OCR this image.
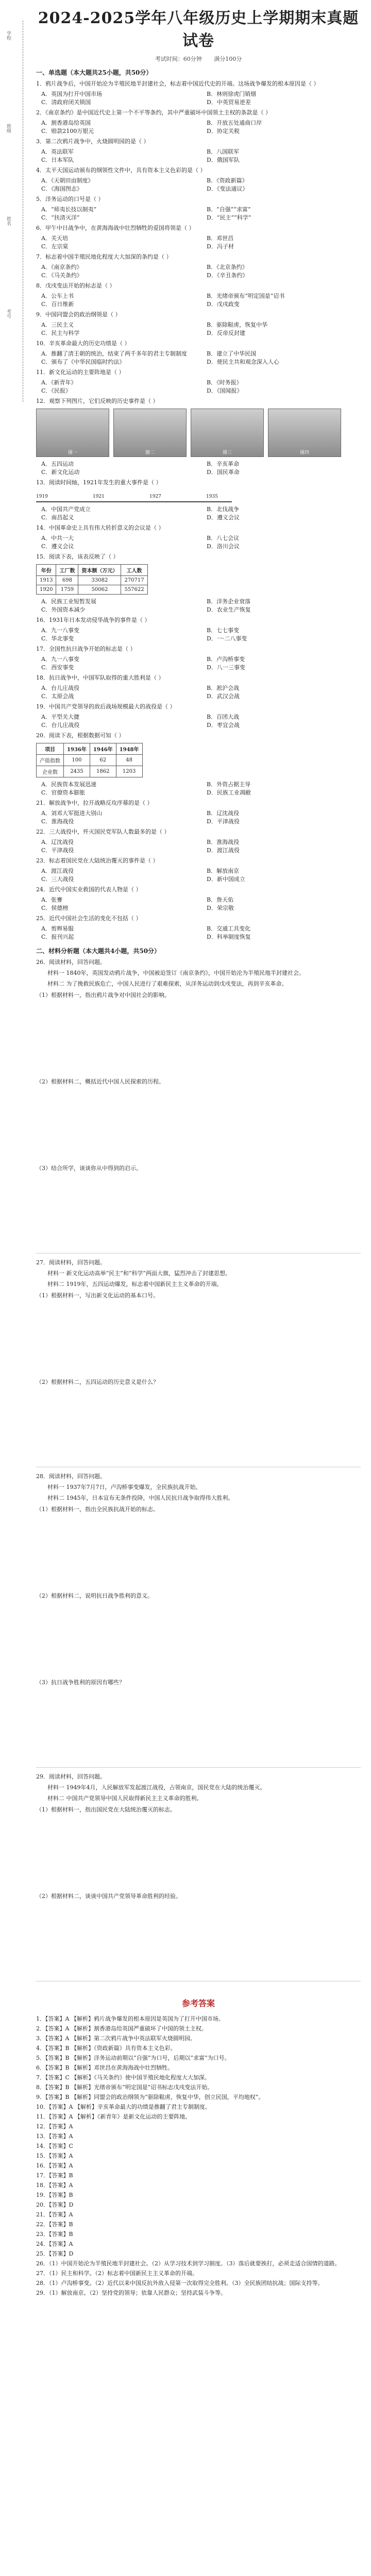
学校
班级
姓名
考号
2024-2025学年八年级历史上学期期末真题试卷
考试时间：60分钟 满分100分
一、单选题（本大题共25小题，共50分）
1．鸦片战争后，中国开始沦为半殖民地半封建社会，标志着中国近代史的开端。这场战争爆发的根本原因是（ ）
A．英国为打开中国市场	B．林则徐虎门销烟
C．清政府闭关锁国	D．中英贸易逆差
2．《南京条约》是中国近代史上第一个不平等条约，其中严重破坏中国领土主权的条款是（ ）
A．割香港岛给英国	B．开放五处通商口岸
C．赔款2100万银元	D．协定关税
3．第二次鸦片战争中，火烧圆明园的是（ ）
A．英法联军	B．八国联军
C．日本军队	D．俄国军队
4．太平天国运动颁布的纲领性文件中，具有资本主义色彩的是（ ）
A．《天朝田亩制度》	B．《资政新篇》
C．《海国图志》	D．《变法通议》
5．洋务运动的口号是（ ）
A．“师夷长技以制夷”	B．“自强”“求富”
C．“扶清灭洋”	D．“民主”“科学”
6．甲午中日战争中，在黄海海战中壮烈牺牲的爱国将领是（ ）
A．关天培	B．邓世昌
C．左宗棠	D．冯子材
7．标志着中国半殖民地化程度大大加深的条约是（ ）
A．《南京条约》	B．《北京条约》
C．《马关条约》	D．《辛丑条约》
8．戊戌变法开始的标志是（ ）
A．公车上书	B．光绪帝颁布“明定国是”诏书
C．百日维新	D．戊戌政变
9．中国同盟会的政治纲领是（ ）
A．三民主义	B．驱除鞑虏，恢复中华
C．民主与科学	D．反帝反封建
10．辛亥革命最大的历史功绩是（ ）
A．推翻了清王朝的统治，结束了两千多年的君主专制制度	B．建立了中华民国
C．颁布了《中华民国临时约法》	D．使民主共和观念深入人心
11．新文化运动的主要阵地是（ ）
A．《新青年》	B．《时务报》
C．《民报》	D．《国闻报》
12．观察下列图片，它们反映的历史事件是（ ）
图一	图二	图三	图四
A．五四运动	B．辛亥革命
C．新文化运动	D．国民革命
13．阅读时间轴，1921年发生的重大事件是（ ）
1919	1921	1927	1935
A．中国共产党成立	B．北伐战争
C．南昌起义	D．遵义会议
14．中国革命史上具有伟大转折意义的会议是（ ）
A．中共一大	B．八七会议
C．遵义会议	D．洛川会议
15．阅读下表，该表反映了（ ）
年份	工厂数	资本额（万元）	工人数
1913	698	33082	270717
1920	1759	50062	557622
A．民族工业短暂发展	B．洋务企业衰落
C．外国资本减少	D．农业生产恢复
16．1931年日本发动侵华战争的事件是（ ）
A．九一八事变	B．七七事变
C．华北事变	D．一·二八事变
17．全国性抗日战争开始的标志是（ ）
A．九一八事变	B．卢沟桥事变
C．西安事变	D．八一三事变
18．抗日战争中，中国军队取得的重大胜利是（ ）
A．台儿庄战役	B．淞沪会战
C．太原会战	D．武汉会战
19．中国共产党领导的敌后战场规模最大的战役是（ ）
A．平型关大捷	B．百团大战
C．台儿庄战役	D．枣宜会战
20．阅读下表，根据数据可知（ ）
项目	1936年	1946年	1948年
产值指数	100	62	48
企业数	2435	1862	1203
A．民族资本发展迅速	B．外资占据主导
C．官僚资本膨胀	D．民族工业凋敝
21．解放战争中，拉开战略反攻序幕的是（ ）
A．刘邓大军挺进大别山	B．辽沈战役
C．淮海战役	D．平津战役
22．三大战役中，歼灭国民党军队人数最多的是（ ）
A．辽沈战役	B．淮海战役
C．平津战役	D．渡江战役
23．标志着国民党在大陆统治覆灭的事件是（ ）
A．渡江战役	B．解放南京
C．三大战役	D．新中国成立
24．近代中国实业救国的代表人物是（ ）
A．张謇	B．詹天佑
C．侯德榜	D．荣宗敬
25．近代中国社会生活的变化不包括（ ）
A．剪辫易服	B．交通工具变化
C．报刊兴起	D．科举制度恢复
二、材料分析题（本大题共4小题，共50分）
26．阅读材料，回答问题。
材料一 1840年，英国发动鸦片战争，中国被迫签订《南京条约》，中国开始沦为半殖民地半封建社会。
材料二 为了挽救民族危亡，中国人民进行了艰难探索，从洋务运动到戊戌变法，再到辛亥革命。
（1）根据材料一，指出鸦片战争对中国社会的影响。
（2）根据材料二，概括近代中国人民探索的历程。
（3）结合所学，谈谈你从中得到的启示。
27．阅读材料，回答问题。
材料一 新文化运动高举“民主”和“科学”两面大旗，猛烈冲击了封建思想。
材料二 1919年，五四运动爆发，标志着中国新民主主义革命的开端。
（1）根据材料一，写出新文化运动的基本口号。
（2）根据材料二，五四运动的历史意义是什么？
28．阅读材料，回答问题。
材料一 1937年7月7日，卢沟桥事变爆发，全民族抗战开始。
材料二 1945年，日本宣布无条件投降，中国人民抗日战争取得伟大胜利。
（1）根据材料一，指出全民族抗战开始的标志。
（2）根据材料二，说明抗日战争胜利的意义。
（3）抗日战争胜利的原因有哪些？
29．阅读材料，回答问题。
材料一 1949年4月，人民解放军发起渡江战役，占领南京，国民党在大陆的统治覆灭。
材料二 中国共产党领导中国人民取得新民主主义革命的胜利。
（1）根据材料一，指出国民党在大陆统治覆灭的标志。
（2）根据材料二，谈谈中国共产党领导革命胜利的经验。
参考答案
1．【答案】A 【解析】鸦片战争爆发的根本原因是英国为了打开中国市场。
2．【答案】A 【解析】割香港岛给英国严重破坏了中国的领土主权。
3．【答案】A 【解析】第二次鸦片战争中英法联军火烧圆明园。
4．【答案】B 【解析】《资政新篇》具有资本主义色彩。
5．【答案】B 【解析】洋务运动前期以“自强”为口号，后期以“求富”为口号。
6．【答案】B 【解析】邓世昌在黄海海战中壮烈牺牲。
7．【答案】C 【解析】《马关条约》使中国半殖民地化程度大大加深。
8．【答案】B 【解析】光绪帝颁布“明定国是”诏书标志戊戌变法开始。
9．【答案】B 【解析】同盟会的政治纲领为“驱除鞑虏，恢复中华，创立民国，平均地权”。
10．【答案】A 【解析】辛亥革命最大的功绩是推翻了君主专制制度。
11．【答案】A 【解析】《新青年》是新文化运动的主要阵地。
12．【答案】A
13．【答案】A
14．【答案】C
15．【答案】A
16．【答案】A
17．【答案】B
18．【答案】A
19．【答案】B
20．【答案】D
21．【答案】A
22．【答案】B
23．【答案】B
24．【答案】A
25．【答案】D
26．（1）中国开始沦为半殖民地半封建社会。（2）从学习技术到学习制度。（3）落后就要挨打，必须走适合国情的道路。
27．（1）民主和科学。（2）标志着中国新民主主义革命的开端。
28．（1）卢沟桥事变。（2）近代以来中国反抗外敌入侵第一次取得完全胜利。（3）全民族团结抗战；国际支持等。
29．（1）解放南京。（2）坚持党的领导；依靠人民群众；坚持武装斗争等。
